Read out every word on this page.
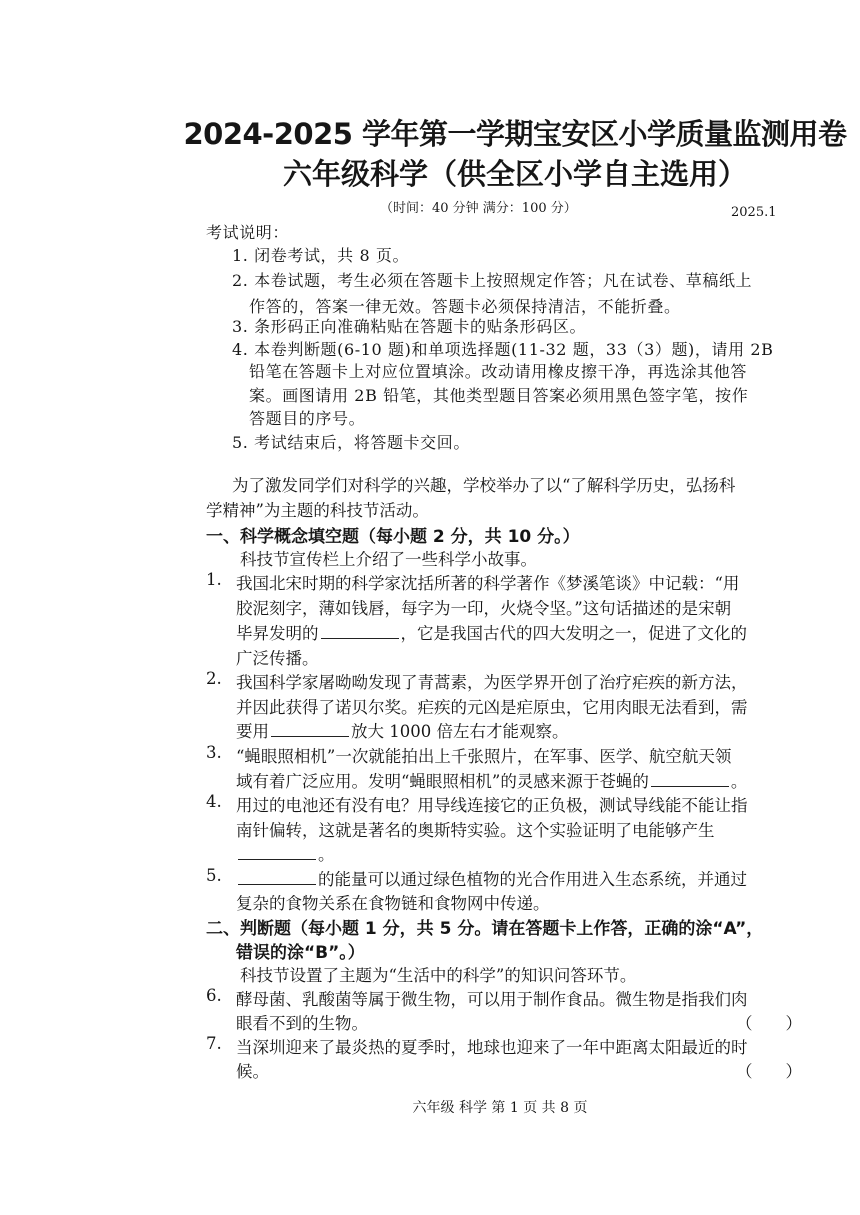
2024-2025 学年第一学期宝安区小学质量监测用卷
六年级科学（供全区小学自主选用）
（时间：40 分钟 满分：100 分）	2025.1
考试说明：
1. 闭卷考试，共 8 页。
2. 本卷试题，考生必须在答题卡上按照规定作答；凡在试卷、草稿纸上
作答的，答案一律无效。答题卡必须保持清洁，不能折叠。
3. 条形码正向准确粘贴在答题卡的贴条形码区。
4. 本卷判断题(6-10 题)和单项选择题(11-32 题，33（3）题)，请用 2B
铅笔在答题卡上对应位置填涂。改动请用橡皮擦干净，再选涂其他答
案。画图请用 2B 铅笔，其他类型题目答案必须用黑色签字笔，按作
答题目的序号。
5. 考试结束后，将答题卡交回。
为了激发同学们对科学的兴趣，学校举办了以“了解科学历史，弘扬科
学精神”为主题的科技节活动。
一、科学概念填空题（每小题 2 分，共 10 分。）
科技节宣传栏上介绍了一些科学小故事。
1. 我国北宋时期的科学家沈括所著的科学著作《梦溪笔谈》中记载：“用
胶泥刻字，薄如钱唇，每字为一印，火烧令坚。”这句话描述的是宋朝
毕昇发明的	，它是我国古代的四大发明之一，促进了文化的
广泛传播。
2. 我国科学家屠呦呦发现了青蒿素，为医学界开创了治疗疟疾的新方法，
并因此获得了诺贝尔奖。疟疾的元凶是疟原虫，它用肉眼无法看到，需
要用	放大 1000 倍左右才能观察。
3. “蝇眼照相机”一次就能拍出上千张照片，在军事、医学、航空航天领
域有着广泛应用。发明“蝇眼照相机”的灵感来源于苍蝇的	。
4. 用过的电池还有没有电？用导线连接它的正负极，测试导线能不能让指
南针偏转，这就是著名的奥斯特实验。这个实验证明了电能够产生
。
5.	的能量可以通过绿色植物的光合作用进入生态系统，并通过
复杂的食物关系在食物链和食物网中传递。
二、判断题（每小题 1 分，共 5 分。请在答题卡上作答，正确的涂“A”，
错误的涂“B”。）
科技节设置了主题为“生活中的科学”的知识问答环节。
6. 酵母菌、乳酸菌等属于微生物，可以用于制作食品。微生物是指我们肉
眼看不到的生物。	（　　）
7. 当深圳迎来了最炎热的夏季时，地球也迎来了一年中距离太阳最近的时
候。	（　　）
六年级 科学 第 1 页 共 8 页
